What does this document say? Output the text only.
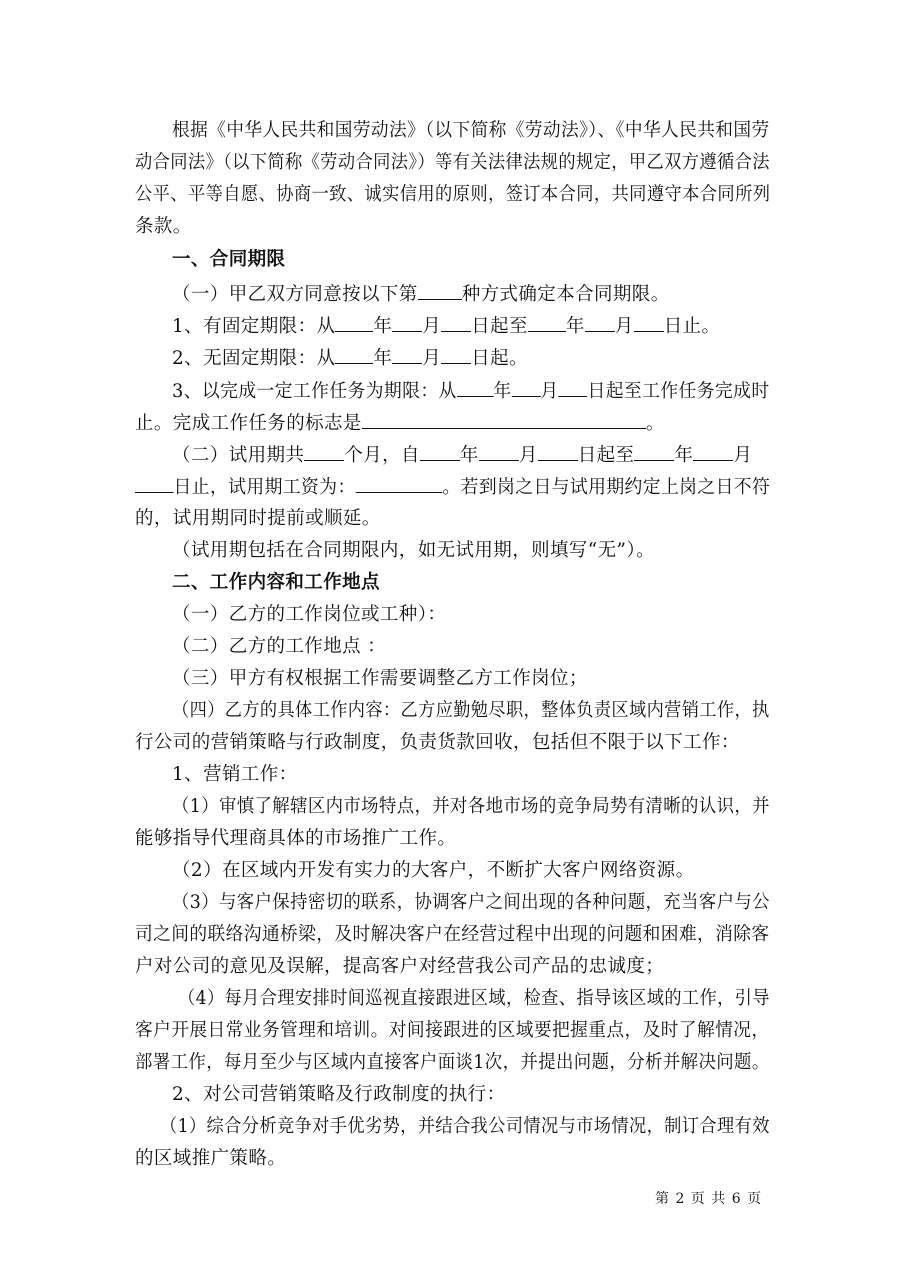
根据《中华人民共和国劳动法》（以下简称《劳动法》）、《中华人民共和国劳
动合同法》（以下简称《劳动合同法》）等有关法律法规的规定，甲乙双方遵循合法
公平、平等自愿、协商一致、诚实信用的原则，签订本合同，共同遵守本合同所列
条款。
一、合同期限
（一）甲乙双方同意按以下第 种方式确定本合同期限。
1、有固定期限：从 年 月 日起至 年 月 日止。
2、无固定期限：从 年 月 日起。
3、以完成一定工作任务为期限：从 年 月 日起至工作任务完成时
止。完成工作任务的标志是	。
（二）试用期共 个月，自 年 月 日起至 年 月
日止，试用期工资为：	。若到岗之日与试用期约定上岗之日不符
的，试用期同时提前或顺延。
（试用期包括在合同期限内，如无试用期，则填写“无”）。
二、工作内容和工作地点
（一）乙方的工作岗位或工种）：
（二）乙方的工作地点 ：
（三）甲方有权根据工作需要调整乙方工作岗位；
（四）乙方的具体工作内容：乙方应勤勉尽职，整体负责区域内营销工作，执
行公司的营销策略与行政制度，负责货款回收，包括但不限于以下工作：
1、营销工作：
（1）审慎了解辖区内市场特点，并对各地市场的竞争局势有清晰的认识，并
能够指导代理商具体的市场推广工作。
（2）在区域内开发有实力的大客户，不断扩大客户网络资源。
（3）与客户保持密切的联系，协调客户之间出现的各种问题，充当客户与公
司之间的联络沟通桥梁，及时解决客户在经营过程中出现的问题和困难，消除客
户对公司的意见及误解，提高客户对经营我公司产品的忠诚度；
（4）每月合理安排时间巡视直接跟进区域，检查、指导该区域的工作，引导
客户开展日常业务管理和培训。对间接跟进的区域要把握重点，及时了解情况，
部署工作，每月至少与区域内直接客户面谈1次，并提出问题，分析并解决问题。
2、对公司营销策略及行政制度的执行：
（1）综合分析竞争对手优劣势，并结合我公司情况与市场情况，制订合理有效
的区域推广策略。
第 2 页 共 6 页
